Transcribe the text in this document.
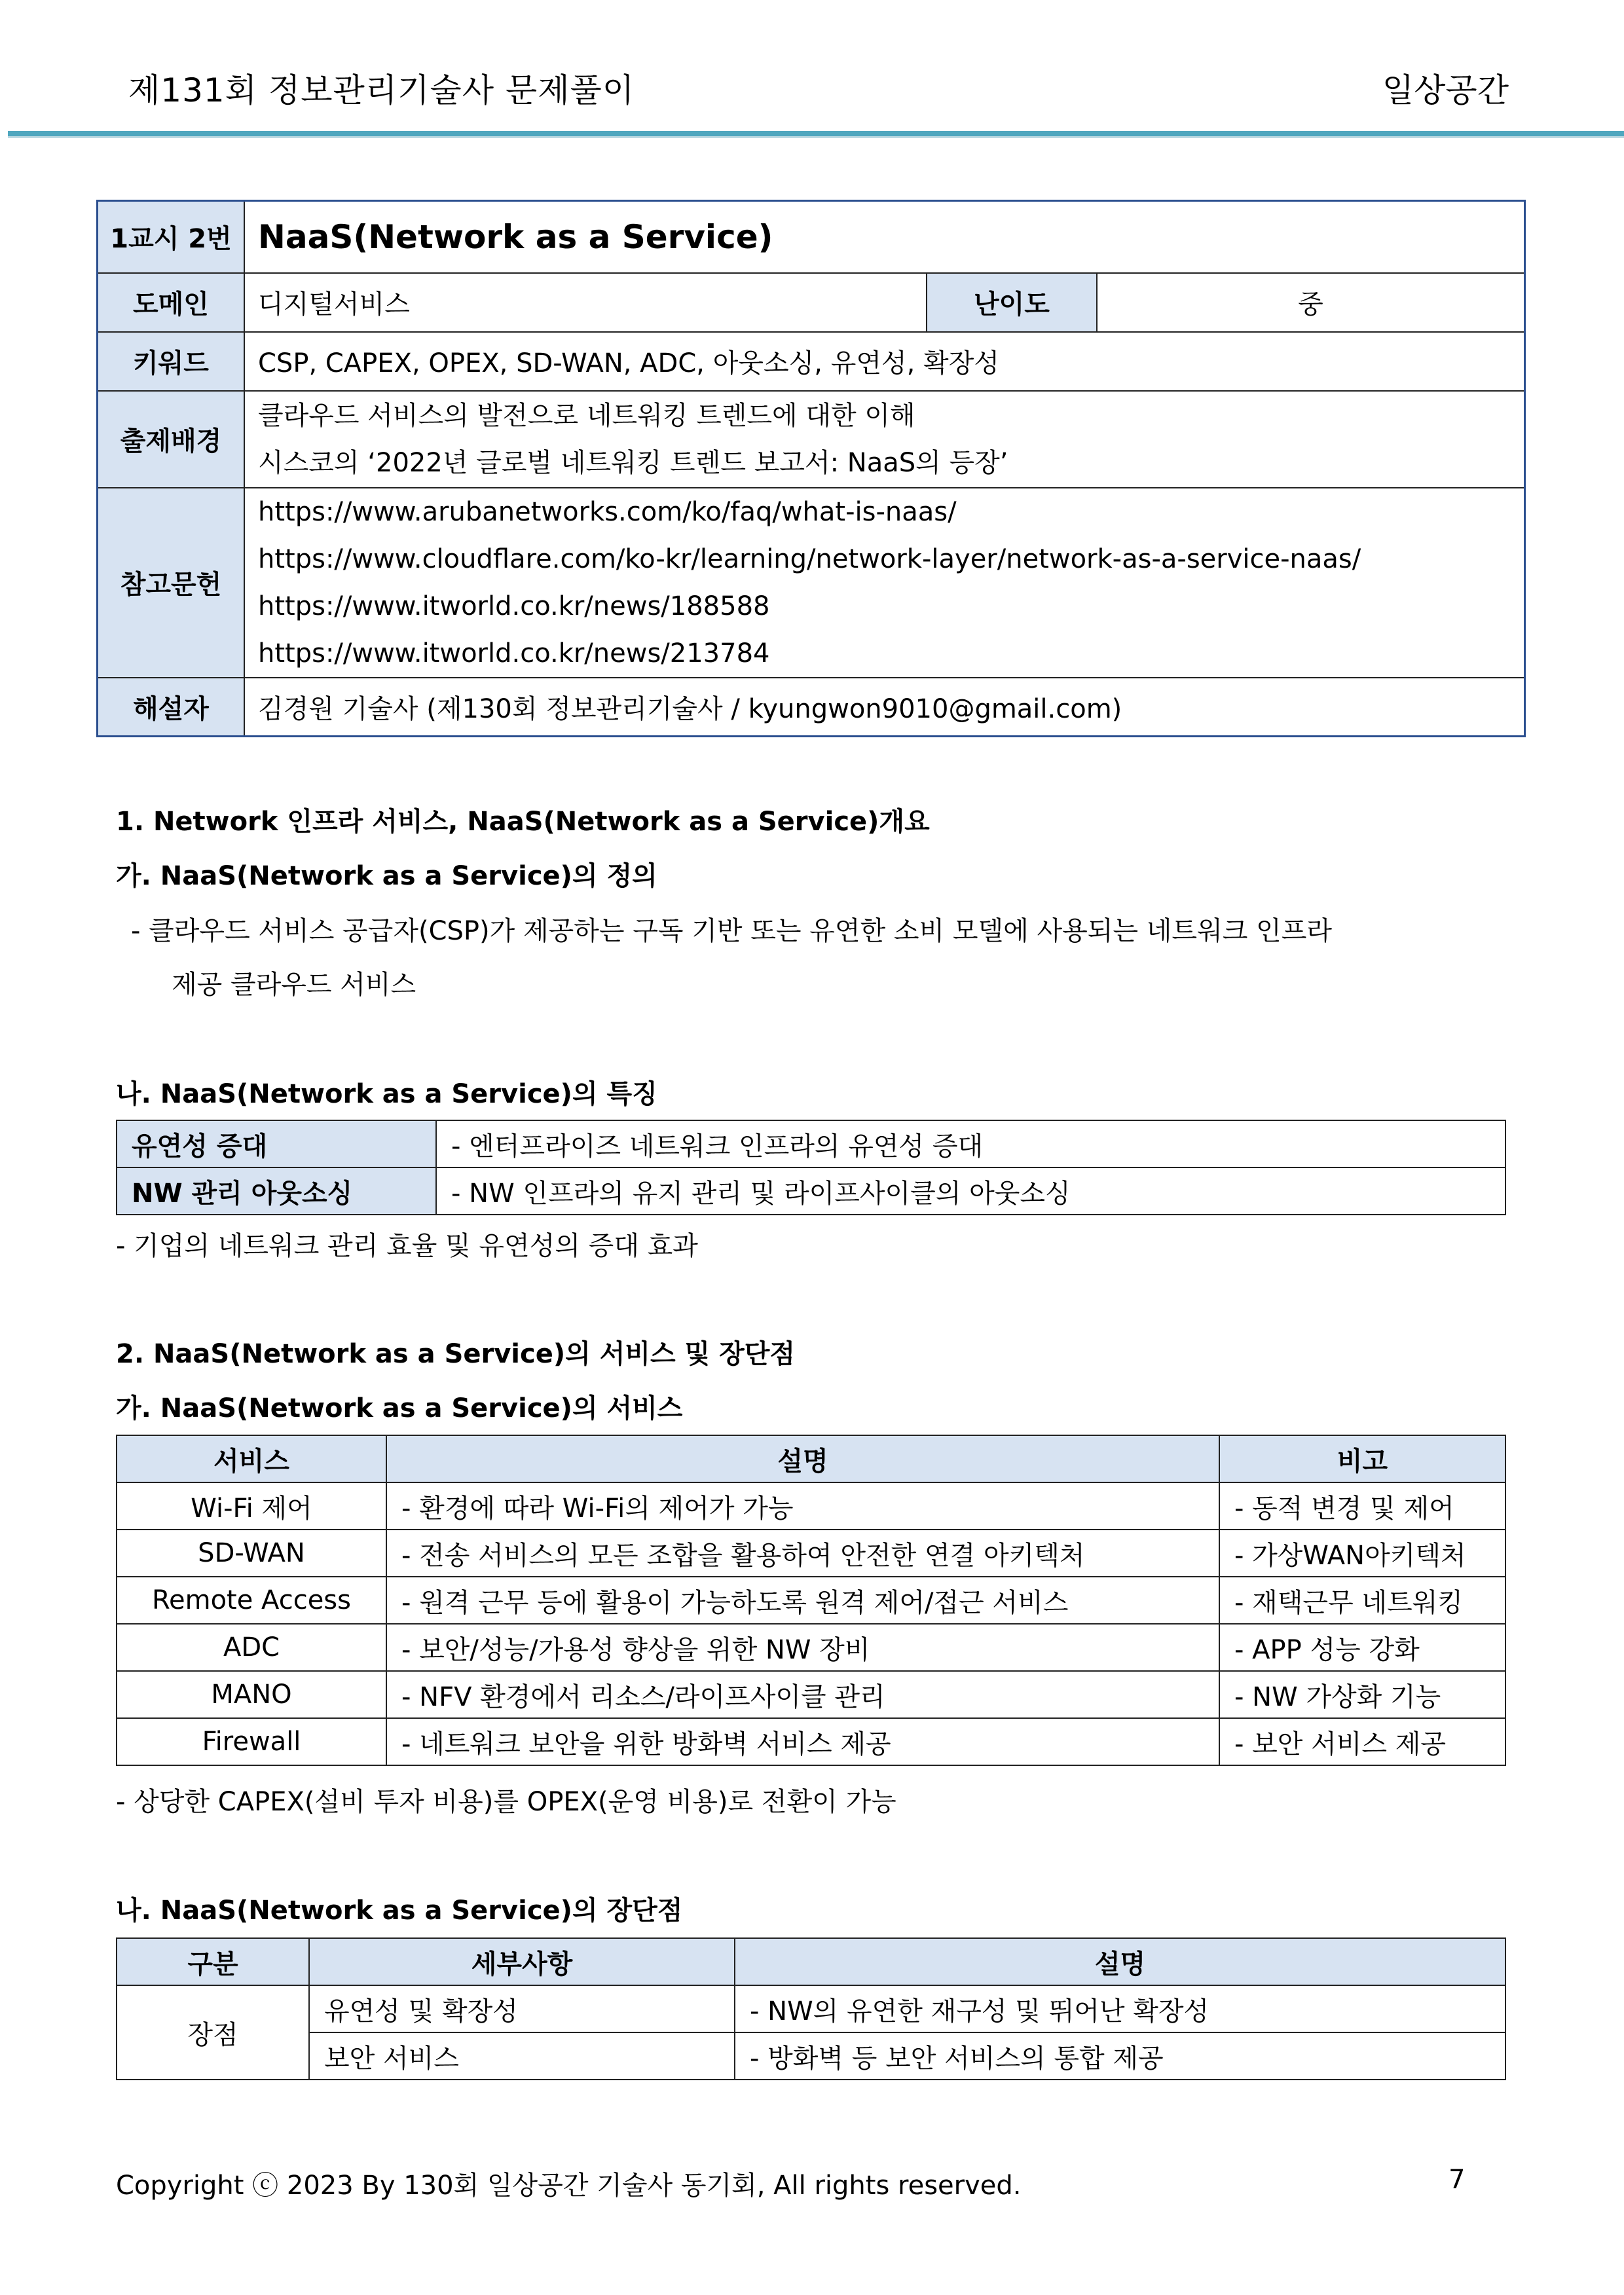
제131회 정보관리기술사 문제풀이	일상공간
1교시 2번	NaaS(Network as a Service)		
도메인	디지털서비스	난이도	중
키워드	CSP, CAPEX, OPEX, SD-WAN, ADC, 아웃소싱, 유연성, 확장성		
출제배경	클라우드 서비스의 발전으로 네트워킹 트렌드에 대한 이해
시스코의 ‘2022년 글로벌 네트워킹 트렌드 보고서: NaaS의 등장’		

참고문헌	https://www.arubanetworks.com/ko/faq/what-is-naas/
https://www.cloudflare.com/ko-kr/learning/network-layer/network-as-a-service-naas/
https://www.itworld.co.kr/news/188588
https://www.itworld.co.kr/news/213784		

해설자	김경원 기술사 (제130회 정보관리기술사 / kyungwon9010@gmail.com)		
1. Network 인프라 서비스, NaaS(Network as a Service)개요
가. NaaS(Network as a Service)의 정의
- 클라우드 서비스 공급자(CSP)가 제공하는 구독 기반 또는 유연한 소비 모델에 사용되는 네트워크 인프라
제공 클라우드 서비스
나. NaaS(Network as a Service)의 특징
유연성 증대	- 엔터프라이즈 네트워크 인프라의 유연성 증대
NW 관리 아웃소싱	- NW 인프라의 유지 관리 및 라이프사이클의 아웃소싱
- 기업의 네트워크 관리 효율 및 유연성의 증대 효과
2. NaaS(Network as a Service)의 서비스 및 장단점
가. NaaS(Network as a Service)의 서비스
서비스	설명	비고
Wi-Fi 제어	- 환경에 따라 Wi-Fi의 제어가 가능	- 동적 변경 및 제어
SD-WAN	- 전송 서비스의 모든 조합을 활용하여 안전한 연결 아키텍처	- 가상WAN아키텍처
Remote Access	- 원격 근무 등에 활용이 가능하도록 원격 제어/접근 서비스	- 재택근무 네트워킹
ADC	- 보안/성능/가용성 향상을 위한 NW 장비	- APP 성능 강화
MANO	- NFV 환경에서 리소스/라이프사이클 관리	- NW 가상화 기능
Firewall	- 네트워크 보안을 위한 방화벽 서비스 제공	- 보안 서비스 제공
- 상당한 CAPEX(설비 투자 비용)를 OPEX(운영 비용)로 전환이 가능
나. NaaS(Network as a Service)의 장단점
구분	세부사항	설명
장점	유연성 및 확장성	- NW의 유연한 재구성 및 뛰어난 확장성
	보안 서비스	- 방화벽 등 보안 서비스의 통합 제공
Copyright ⓒ 2023 By 130회 일상공간 기술사 동기회, All rights reserved.	7
